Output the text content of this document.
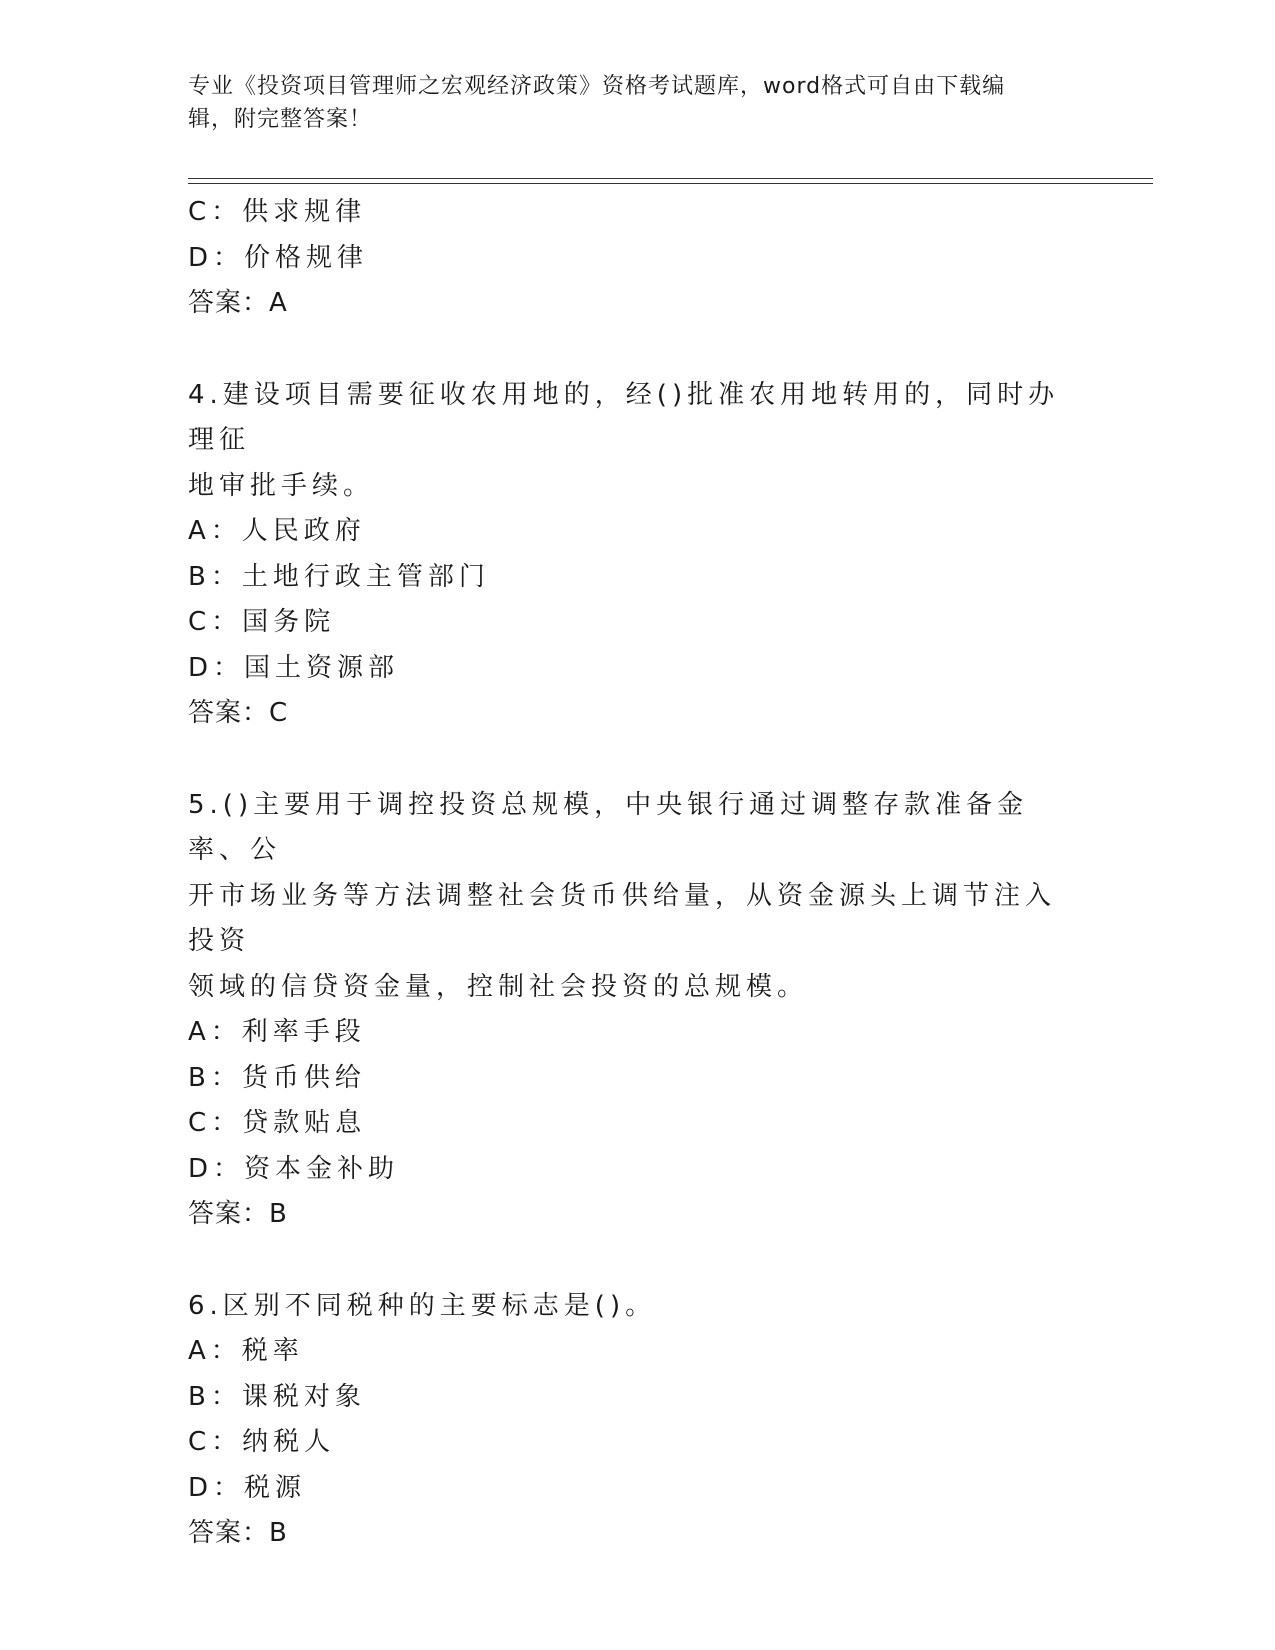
专业《投资项目管理师之宏观经济政策》资格考试题库，word格式可自由下载编
辑，附完整答案！
C：供求规律
D：价格规律
答案：A
4.建设项目需要征收农用地的，经()批准农用地转用的，同时办理征
地审批手续。
A：人民政府
B：土地行政主管部门
C：国务院
D：国土资源部
答案：C
5.()主要用于调控投资总规模，中央银行通过调整存款准备金率、公
开市场业务等方法调整社会货币供给量，从资金源头上调节注入投资
领域的信贷资金量，控制社会投资的总规模。
A：利率手段
B：货币供给
C：贷款贴息
D：资本金补助
答案：B
6.区别不同税种的主要标志是()。
A：税率
B：课税对象
C：纳税人
D：税源
答案：B
